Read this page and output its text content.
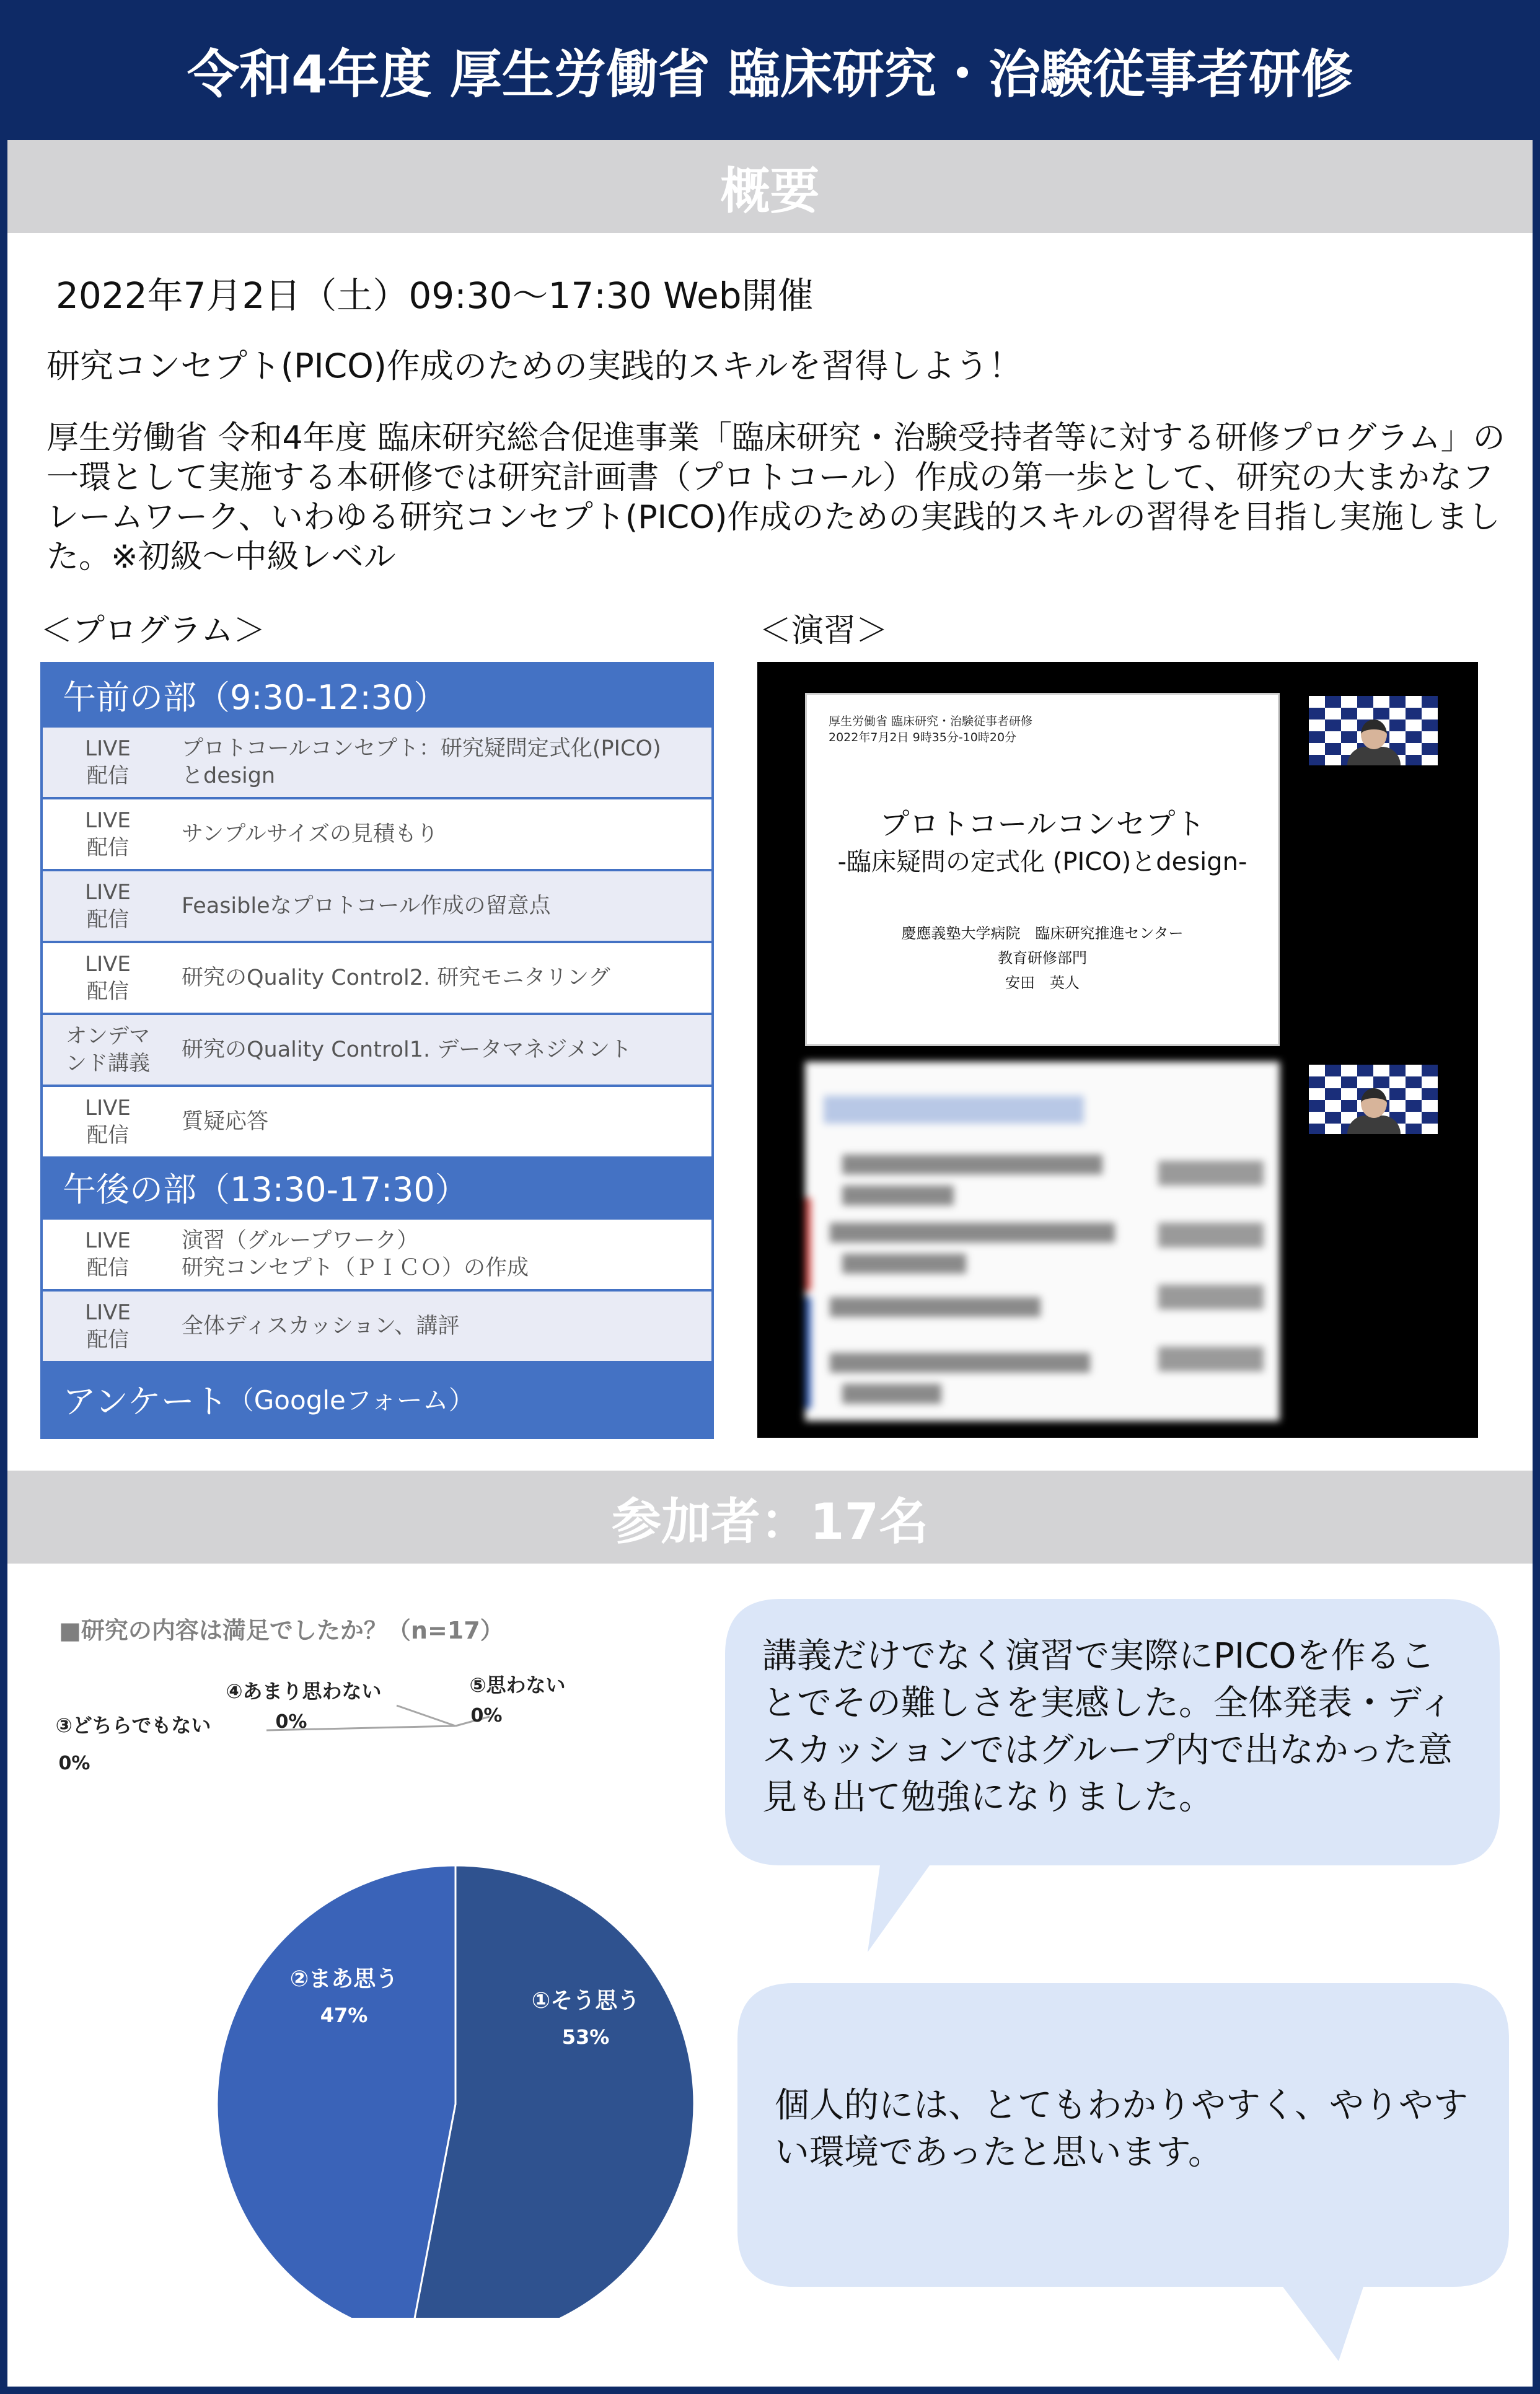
令和4年度 厚生労働省 臨床研究・治験従事者研修
概要
2022年7月2日（土）09:30～17:30 Web開催
研究コンセプト(PICO)作成のための実践的スキルを習得しよう！
厚生労働省 令和4年度 臨床研究総合促進事業「臨床研究・治験受持者等に対する研修プログラム」の一環として実施する本研修では研究計画書（プロトコール）作成の第一歩として、研究の大まかなフレームワーク、いわゆる研究コンセプト(PICO)作成のための実践的スキルの習得を目指し実施しました。※初級～中級レベル
＜プログラム＞	＜演習＞
午前の部（9:30-12:30）
LIVE
配信
プロトコールコンセプト：研究疑問定式化(PICO)
とdesign
LIVE
配信
サンプルサイズの見積もり
LIVE
配信
Feasibleなプロトコール作成の留意点
LIVE
配信
研究のQuality Control2. 研究モニタリング
オンデマ
ンド講義
研究のQuality Control1. データマネジメント
LIVE
配信
質疑応答
午後の部（13:30-17:30）
LIVE
配信
演習（グループワーク）
研究コンセプト（ＰＩＣＯ）の作成
LIVE
配信
全体ディスカッション、講評
アンケート （Googleフォーム）
厚生労働省 臨床研究・治験従事者研修
2022年7月2日 9時35分-10時20分
プロトコールコンセプト
-臨床疑問の定式化 (PICO)とdesign-
慶應義塾大学病院　臨床研究推進センター
教育研修部門
安田　英人
参加者：17名
■研究の内容は満足でしたか？（n=17）
①そう思う
53%
②まあ思う
47%
③どちらでもない
0%
④あまり思わない
0%
⑤思わない
0%
講義だけでなく演習で実際にPICOを作ることでその難しさを実感した。全体発表・ディスカッションではグループ内で出なかった意見も出て勉強になりました。
個人的には、とてもわかりやすく、やりやすい環境であったと思います。
